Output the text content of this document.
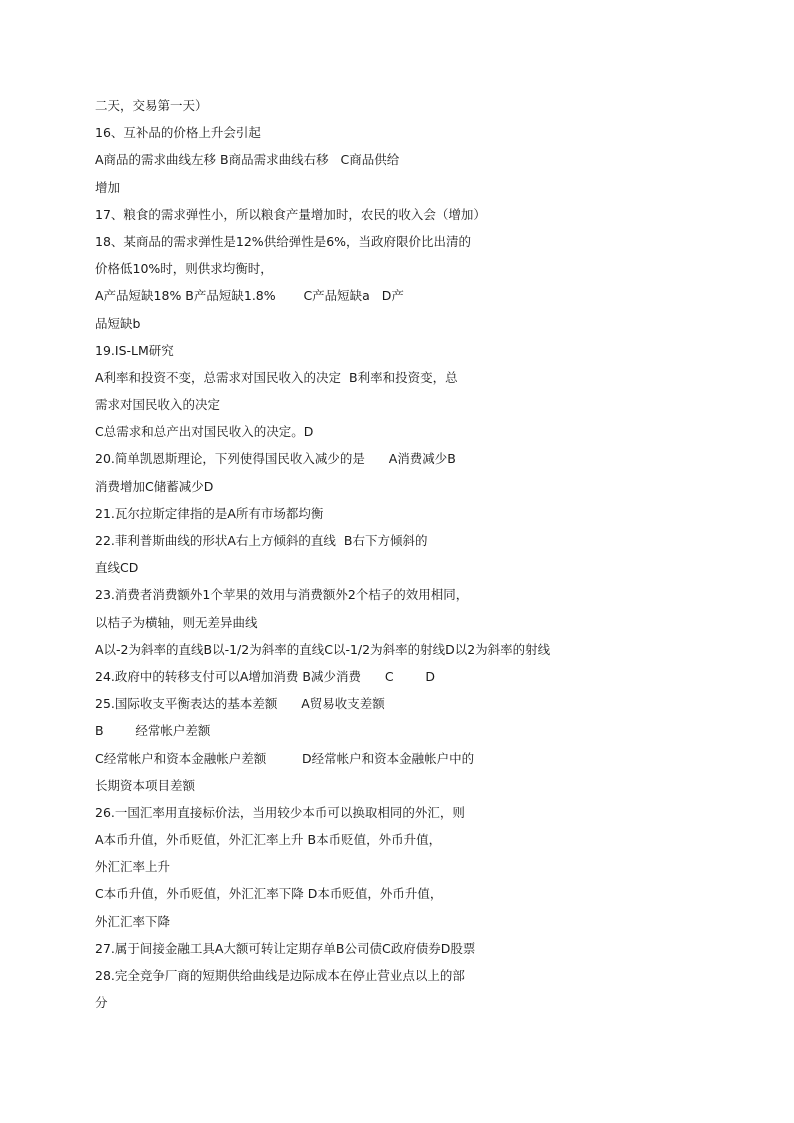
二天，交易第一天）
16、互补品的价格上升会引起
A商品的需求曲线左移 B商品需求曲线右移   C商品供给
增加
17、粮食的需求弹性小，所以粮食产量增加时，农民的收入会（增加）
18、某商品的需求弹性是12%供给弹性是6%，当政府限价比出清的
价格低10%时，则供求均衡时，
A产品短缺18% B产品短缺1.8%       C产品短缺a   D产
品短缺b
19.IS-LM研究
A利率和投资不变，总需求对国民收入的决定  B利率和投资变，总
需求对国民收入的决定
C总需求和总产出对国民收入的决定。D
20.简单凯恩斯理论，下列使得国民收入减少的是      A消费减少B
消费增加C储蓄减少D
21.瓦尔拉斯定律指的是A所有市场都均衡
22.菲利普斯曲线的形状A右上方倾斜的直线  B右下方倾斜的
直线CD
23.消费者消费额外1个苹果的效用与消费额外2个桔子的效用相同，
以桔子为横轴，则无差异曲线
A以-2为斜率的直线B以-1/2为斜率的直线C以-1/2为斜率的射线D以2为斜率的射线
24.政府中的转移支付可以A增加消费 B减少消费      C        D
25.国际收支平衡表达的基本差额      A贸易收支差额
B        经常帐户差额
C经常帐户和资本金融帐户差额         D经常帐户和资本金融帐户中的
长期资本项目差额
26.一国汇率用直接标价法，当用较少本币可以换取相同的外汇，则
A本币升值，外币贬值，外汇汇率上升 B本币贬值，外币升值，
外汇汇率上升
C本币升值，外币贬值，外汇汇率下降 D本币贬值，外币升值，
外汇汇率下降
27.属于间接金融工具A大额可转让定期存单B公司债C政府债券D股票
28.完全竞争厂商的短期供给曲线是边际成本在停止营业点以上的部
分
